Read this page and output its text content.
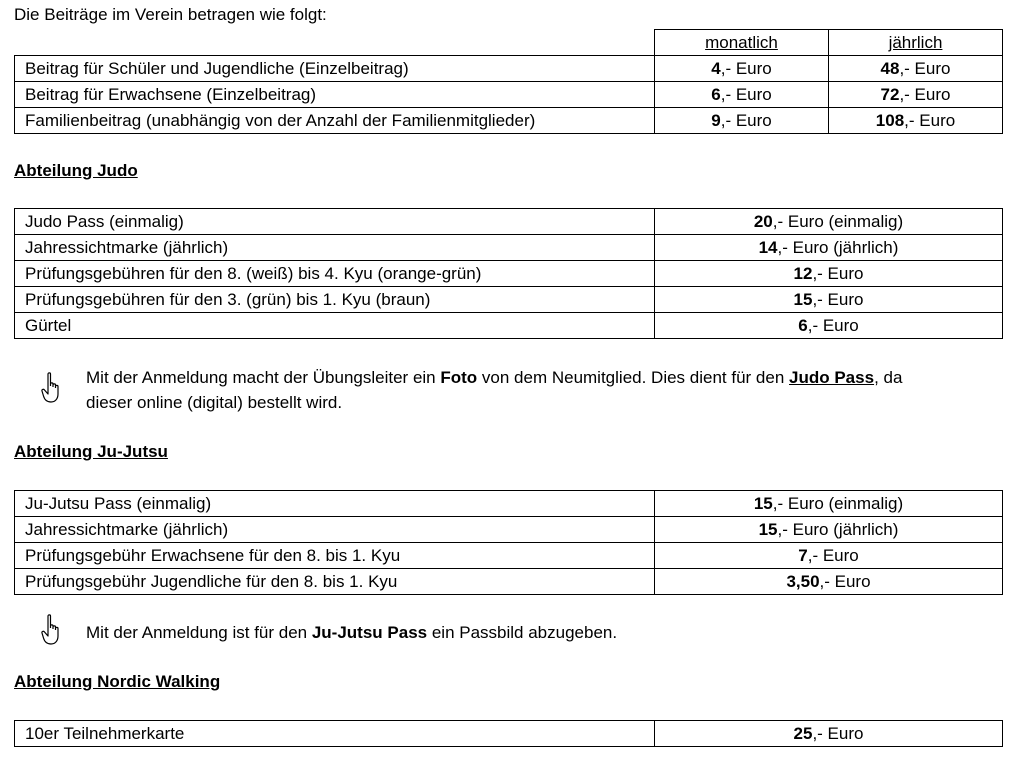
Die Beiträge im Verein betragen wie folgt:
	monatlich	jährlich
Beitrag für Schüler und Jugendliche (Einzelbeitrag)	4,- Euro	48,- Euro
Beitrag für Erwachsene (Einzelbeitrag)	6,- Euro	72,- Euro
Familienbeitrag (unabhängig von der Anzahl der Familienmitglieder)	9,- Euro	108,- Euro
Abteilung Judo
Judo Pass (einmalig)	20,- Euro (einmalig)
Jahressichtmarke (jährlich)	14,- Euro (jährlich)
Prüfungsgebühren für den 8. (weiß) bis 4. Kyu (orange-grün)	12,- Euro
Prüfungsgebühren für den 3. (grün) bis 1. Kyu (braun)	15,- Euro
Gürtel	6,- Euro
Mit der Anmeldung macht der Übungsleiter ein Foto von dem Neumitglied. Dies dient für den Judo Pass, da
dieser online (digital) bestellt wird.
Abteilung Ju-Jutsu
Ju-Jutsu Pass (einmalig)	15,- Euro (einmalig)
Jahressichtmarke (jährlich)	15,- Euro (jährlich)
Prüfungsgebühr Erwachsene für den 8. bis 1. Kyu	7,- Euro
Prüfungsgebühr Jugendliche für den 8. bis 1. Kyu	3,50,- Euro
Mit der Anmeldung ist für den Ju-Jutsu Pass ein Passbild abzugeben.
Abteilung Nordic Walking
10er Teilnehmerkarte	25,- Euro
